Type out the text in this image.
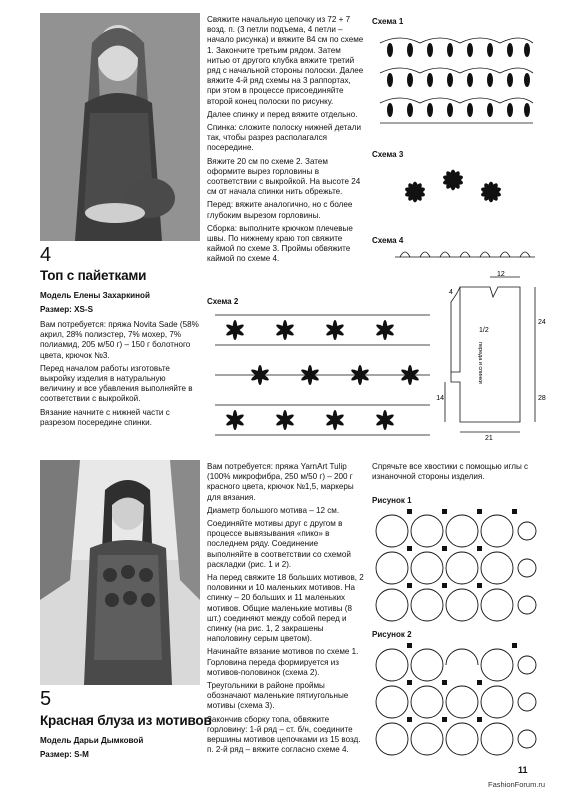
4
Топ с пайетками
Модель Елены Захаркиной
Размер: XS-S

Вам потребуется: пряжа Novita Sade (58% акрил, 28% полиэстер, 7% мохер, 7% полиамид, 205 м/50 г) – 150 г болотного цвета, крючок №3.

Перед началом работы изготовьте выкройку изделия в натуральную величину и все убавления выполняйте в соответствии с выкройкой.

Вязание начните с нижней части с разрезом посередине спинки.

Свяжите начальную цепочку из 72 + 7 возд. п. (3 петли подъема, 4 петли – начало рисунка) и вяжите 84 см по схеме 1. Закончите третьим рядом. Затем нитью от другого клубка вяжите третий ряд с начальной стороны полоски. Далее вяжите 4-й ряд схемы на 3 раппортах, при этом в процессе присоединяйте второй конец полоски по рисунку.

Далее спинку и перед вяжите отдельно.

Спинка: сложите полоску нижней детали так, чтобы разрез располагался посередине.

Вяжите 20 см по схеме 2. Затем оформите вырез горловины в соответствии с выкройкой. На высоте 24 см от начала спинки нить обрежьте.

Перед: вяжите аналогично, но с более глубоким вырезом горловины.

Сборка: выполните крючком плечевые швы. По нижнему краю топ свяжите каймой по схеме 3. Проймы обвяжите каймой по схеме 4.

Схема 1
Схема 3
Схема 4
12
24
28
14
21
4
1/2
переда и спинки
Схема 2
5
Красная блуза из мотивов
Модель Дарьи Дымковой
Размер: S-M

Вам потребуется: пряжа YarnArt Tulip (100% микрофибра, 250 м/50 г) – 200 г красного цвета, крючок №1,5, маркеры для вязания.

Диаметр большого мотива – 12 см.

Соединяйте мотивы друг с другом в процессе вывязывания «пико» в последнем ряду. Соединение выполняйте в соответствии со схемой раскладки (рис. 1 и 2).

На перед свяжите 18 больших мотивов, 2 половинки и 10 маленьких мотивов. На спинку – 20 больших и 11 маленьких мотивов. Общие маленькие мотивы (8 шт.) соединяют между собой перед и спинку (на рис. 1, 2 закрашены наполовину серым цветом).

Начинайте вязание мотивов по схеме 1. Горловина переда формируется из мотивов-половинок (схема 2).

Треугольники в районе проймы обозначают маленькие пятиугольные мотивы (схема 3).

Закончив сборку топа, обвяжите горловину: 1-й ряд – ст. б/н, соедините вершины мотивов цепочками из 15 возд. п. 2-й ряд – вяжите согласно схеме 4.

Спрячьте все хвостики с помощью иглы с изнаночной стороны изделия.

Рисунок 1
Рисунок 2
11
FashionForum.ru
